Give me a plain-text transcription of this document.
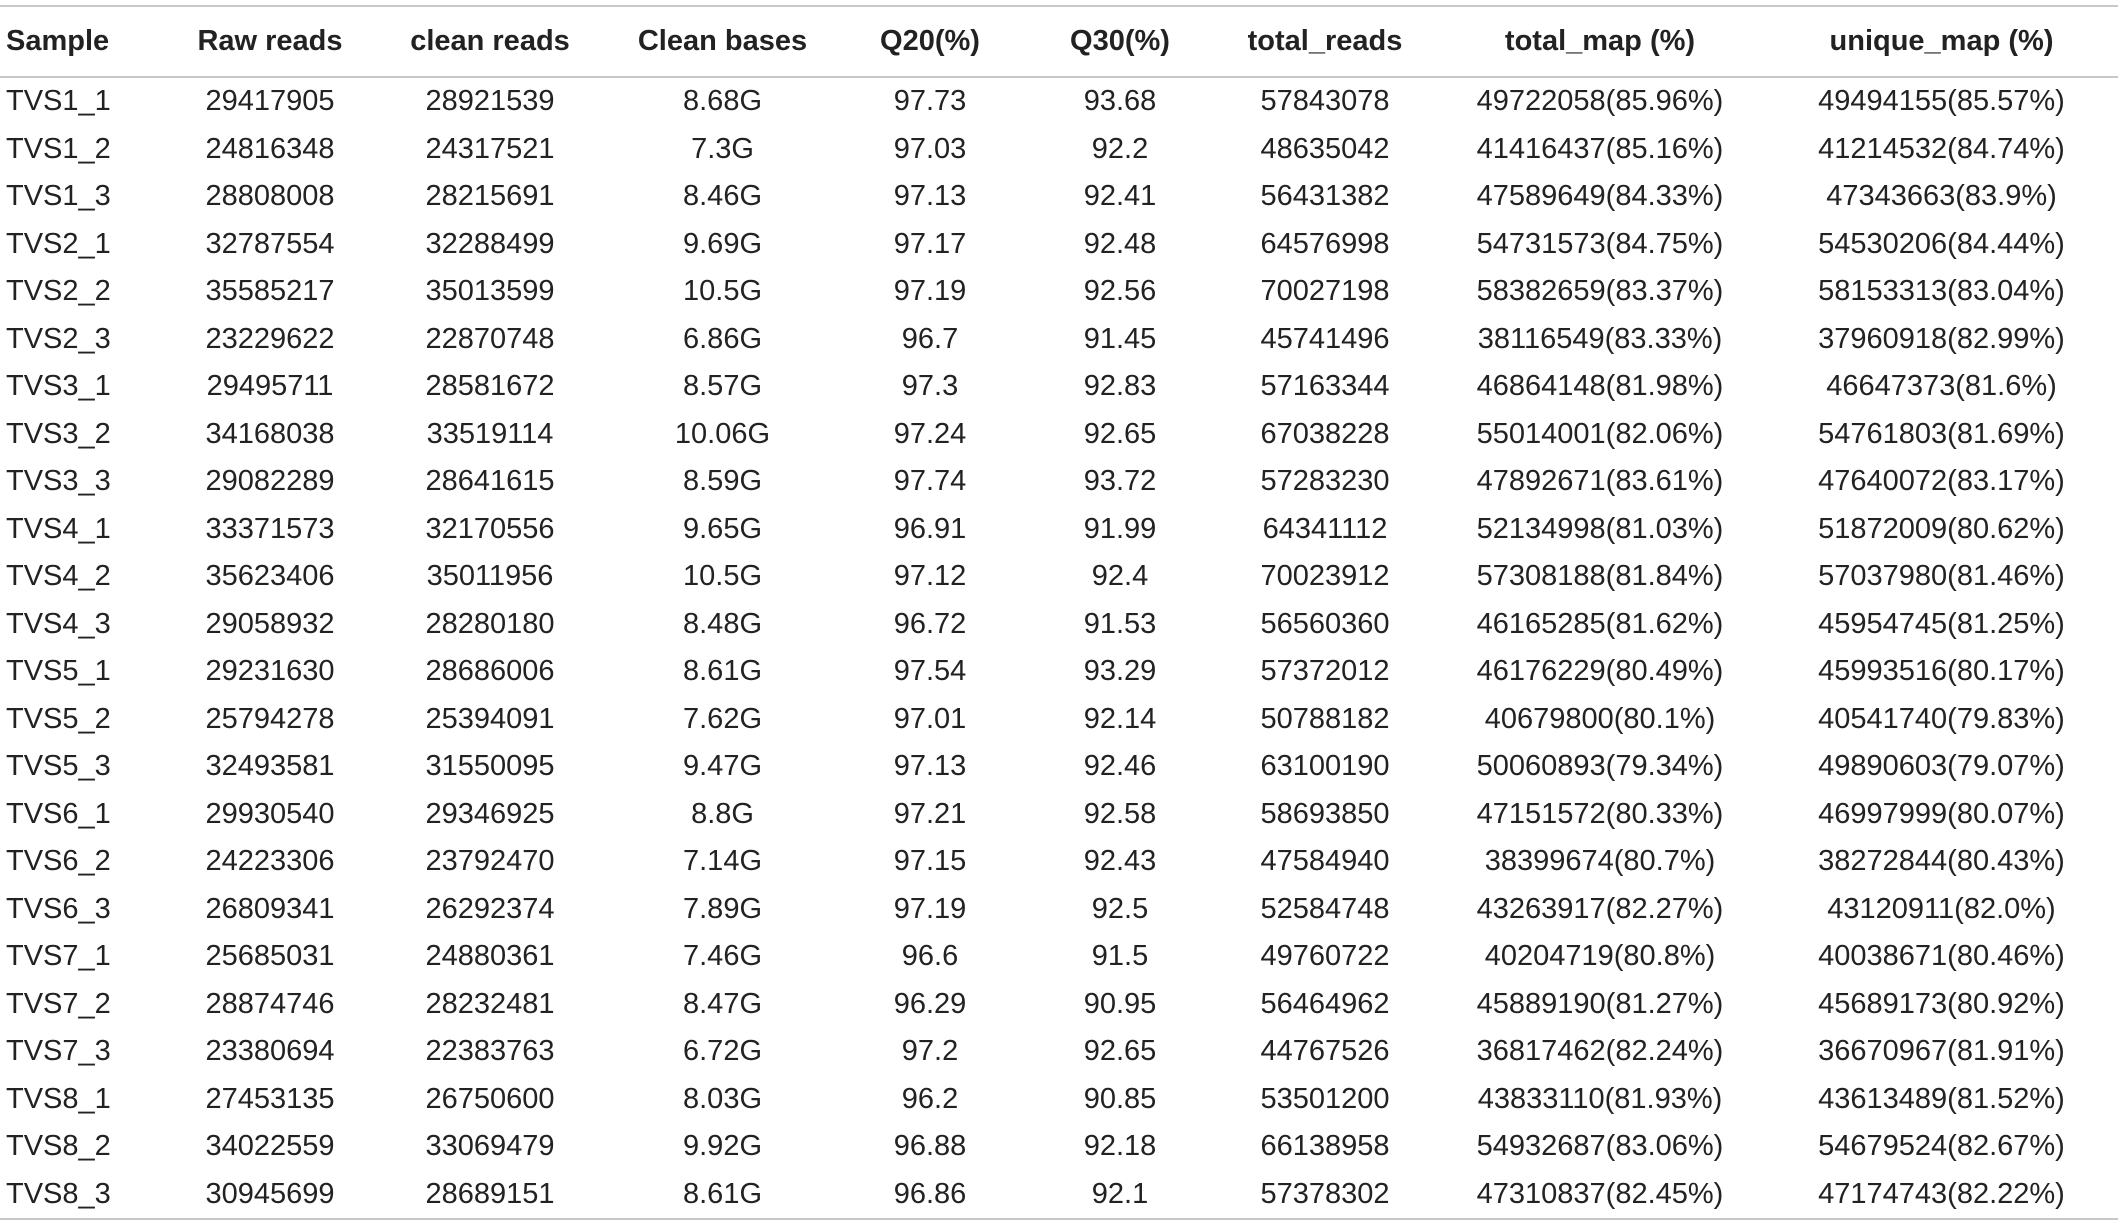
Sample	Raw reads	clean reads	Clean bases	Q20(%)	Q30(%)	total_reads	total_map (%)	unique_map (%)
TVS1_1	29417905	28921539	8.68G	97.73	93.68	57843078	49722058(85.96%)	49494155(85.57%)
TVS1_2	24816348	24317521	7.3G	97.03	92.2	48635042	41416437(85.16%)	41214532(84.74%)
TVS1_3	28808008	28215691	8.46G	97.13	92.41	56431382	47589649(84.33%)	47343663(83.9%)
TVS2_1	32787554	32288499	9.69G	97.17	92.48	64576998	54731573(84.75%)	54530206(84.44%)
TVS2_2	35585217	35013599	10.5G	97.19	92.56	70027198	58382659(83.37%)	58153313(83.04%)
TVS2_3	23229622	22870748	6.86G	96.7	91.45	45741496	38116549(83.33%)	37960918(82.99%)
TVS3_1	29495711	28581672	8.57G	97.3	92.83	57163344	46864148(81.98%)	46647373(81.6%)
TVS3_2	34168038	33519114	10.06G	97.24	92.65	67038228	55014001(82.06%)	54761803(81.69%)
TVS3_3	29082289	28641615	8.59G	97.74	93.72	57283230	47892671(83.61%)	47640072(83.17%)
TVS4_1	33371573	32170556	9.65G	96.91	91.99	64341112	52134998(81.03%)	51872009(80.62%)
TVS4_2	35623406	35011956	10.5G	97.12	92.4	70023912	57308188(81.84%)	57037980(81.46%)
TVS4_3	29058932	28280180	8.48G	96.72	91.53	56560360	46165285(81.62%)	45954745(81.25%)
TVS5_1	29231630	28686006	8.61G	97.54	93.29	57372012	46176229(80.49%)	45993516(80.17%)
TVS5_2	25794278	25394091	7.62G	97.01	92.14	50788182	40679800(80.1%)	40541740(79.83%)
TVS5_3	32493581	31550095	9.47G	97.13	92.46	63100190	50060893(79.34%)	49890603(79.07%)
TVS6_1	29930540	29346925	8.8G	97.21	92.58	58693850	47151572(80.33%)	46997999(80.07%)
TVS6_2	24223306	23792470	7.14G	97.15	92.43	47584940	38399674(80.7%)	38272844(80.43%)
TVS6_3	26809341	26292374	7.89G	97.19	92.5	52584748	43263917(82.27%)	43120911(82.0%)
TVS7_1	25685031	24880361	7.46G	96.6	91.5	49760722	40204719(80.8%)	40038671(80.46%)
TVS7_2	28874746	28232481	8.47G	96.29	90.95	56464962	45889190(81.27%)	45689173(80.92%)
TVS7_3	23380694	22383763	6.72G	97.2	92.65	44767526	36817462(82.24%)	36670967(81.91%)
TVS8_1	27453135	26750600	8.03G	96.2	90.85	53501200	43833110(81.93%)	43613489(81.52%)
TVS8_2	34022559	33069479	9.92G	96.88	92.18	66138958	54932687(83.06%)	54679524(82.67%)
TVS8_3	30945699	28689151	8.61G	96.86	92.1	57378302	47310837(82.45%)	47174743(82.22%)
